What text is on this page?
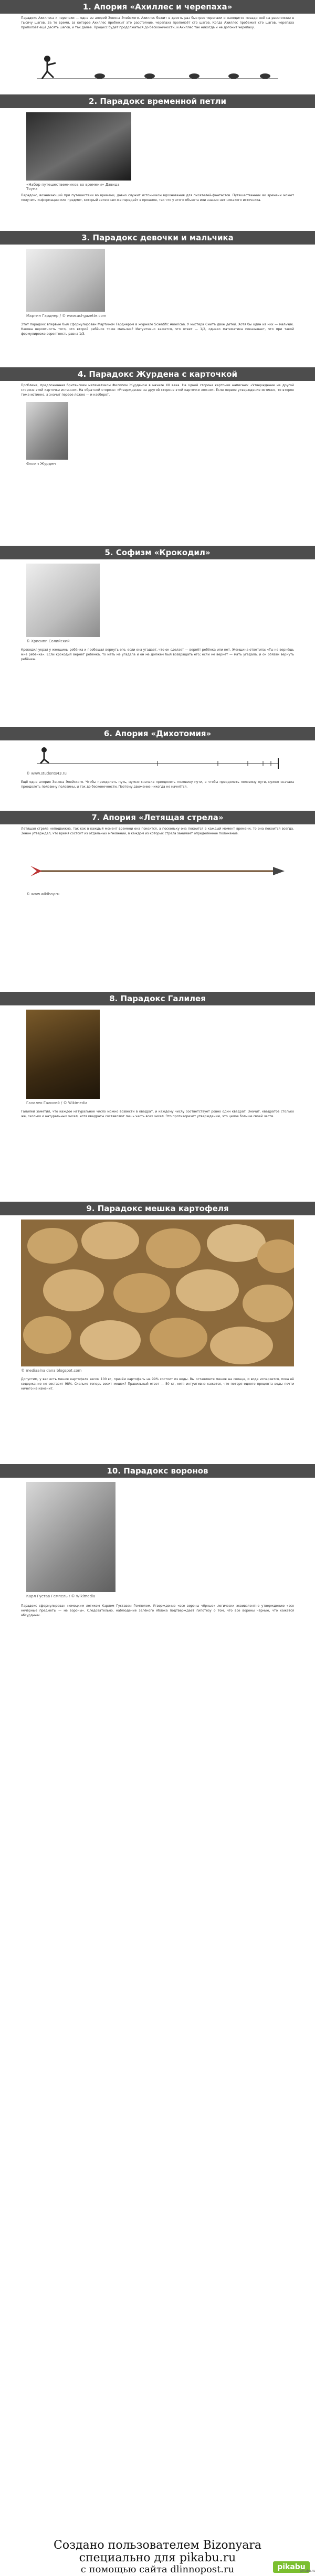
1. Апория «Ахиллес и черепаха»
Парадокс Ахиллеса и черепахи — одна из апорий Зенона Элейского. Ахиллес бежит в десять раз быстрее черепахи и находится позади неё на расстоянии в тысячу шагов. За то время, за которое Ахиллес пробежит это расстояние, черепаха проползёт сто шагов. Когда Ахиллес пробежит сто шагов, черепаха проползёт ещё десять шагов, и так далее. Процесс будет продолжаться до бесконечности, и Ахиллес так никогда и не догонит черепаху.
2. Парадокс временной петли
«Набор путешественников во времени» Дэвида Тоуна
Парадокс, возникающий при путешествии во времени, давно служит источником вдохновения для писателей-фантастов. Путешественник во времени может получить информацию или предмет, который затем сам же передаёт в прошлое, так что у этого объекта или знания нет никакого источника.
3. Парадокс девочки и мальчика
Мартин Гарднер / © www.ucl-gazette.com
Этот парадокс впервые был сформулирован Мартином Гарднером в журнале Scientific American. У мистера Смита двое детей. Хотя бы один из них — мальчик. Какова вероятность того, что второй ребёнок тоже мальчик? Интуитивно кажется, что ответ — 1/2, однако математика показывает, что при такой формулировке вероятность равна 1/3.
4. Парадокс Журдена с карточкой
Проблема, предложенная британским математиком Филипом Журденом в начале ХХ века. На одной стороне карточки написано: «Утверждение на другой стороне этой карточки истинно». На обратной стороне: «Утверждение на другой стороне этой карточки ложно». Если первое утверждение истинно, то второе тоже истинно, а значит первое ложно — и наоборот.
Филип Журден
5. Софизм «Крокодил»
© Хрисипп Солийский
Крокодил украл у женщины ребёнка и пообещал вернуть его, если она угадает, что он сделает — вернёт ребёнка или нет. Женщина ответила: «Ты не вернёшь мне ребёнка». Если крокодил вернёт ребёнка, то мать не угадала и он не должен был возвращать его; если не вернёт — мать угадала, и он обязан вернуть ребёнка.
6. Апория «Дихотомия»
© www.students43.ru
Ещё одна апория Зенона Элейского. Чтобы преодолеть путь, нужно сначала преодолеть половину пути, а чтобы преодолеть половину пути, нужно сначала преодолеть половину половины, и так до бесконечности. Поэтому движение никогда не начнётся.
7. Апория «Летящая стрела»
Летящая стрела неподвижна, так как в каждый момент времени она покоится, а поскольку она покоится в каждый момент времени, то она покоится всегда. Зенон утверждал, что время состоит из отдельных мгновений, в каждом из которых стрела занимает определённое положение.
© www.wikiboy.ru
8. Парадокс Галилея
Галилео Галилей / © Wikimedia
Галилей заметил, что каждое натуральное число можно возвести в квадрат, и каждому числу соответствует ровно один квадрат. Значит, квадратов столько же, сколько и натуральных чисел, хотя квадраты составляют лишь часть всех чисел. Это противоречит утверждению, что целое больше своей части.
9. Парадокс мешка картофеля
© mediaalna dana blogspot.com
Допустим, у вас есть мешок картофеля весом 100 кг, причём картофель на 99% состоит из воды. Вы оставляете мешок на солнце, и вода испаряется, пока её содержание не составит 98%. Сколько теперь весит мешок? Правильный ответ — 50 кг, хотя интуитивно кажется, что потеря одного процента воды почти ничего не изменит.
10. Парадокс воронов
Карл Густав Гемпель / © Wikimedia
Парадокс сформулирован немецким логиком Карлом Густавом Гемпелем. Утверждение «все вороны чёрные» логически эквивалентно утверждению «все нечёрные предметы — не вороны». Следовательно, наблюдение зелёного яблока подтверждает гипотезу о том, что все вороны чёрные, что кажется абсурдным.
Создано пользователем Bizonyara
специально для pikabu.ru
с помощью сайта dlinnopost.ru	pikabu
pikabu.ru
